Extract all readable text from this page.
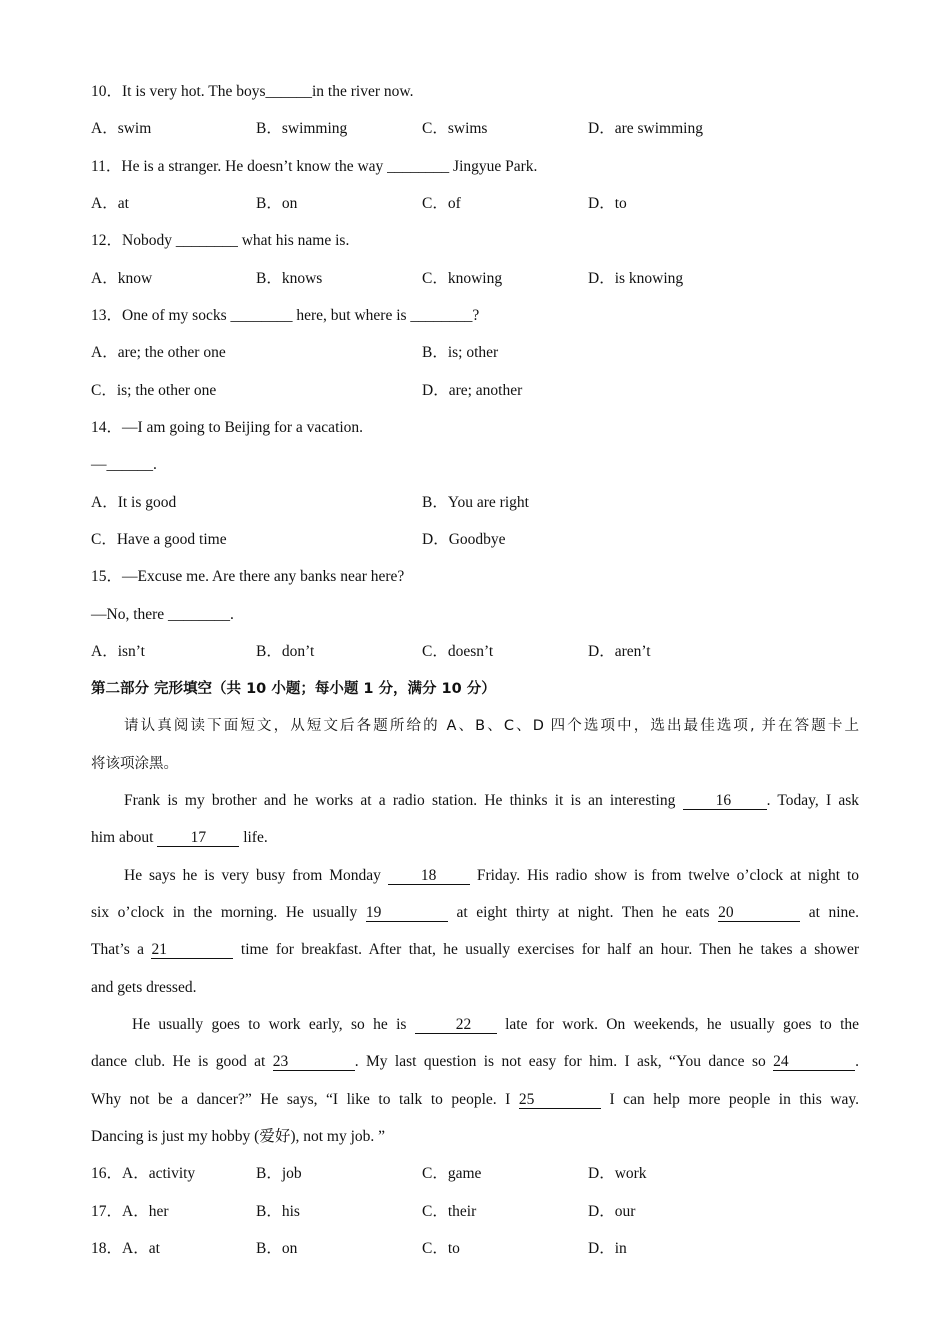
10．It is very hot. The boys______in the river now.
A．swim	B．swimming	C．swims	D．are swimming
11．He is a stranger. He doesn’t know the way ________ Jingyue Park.
A．at	B．on	C．of	D．to
12．Nobody ________ what his name is.
A．know	B．knows	C．knowing	D．is knowing
13．One of my socks ________ here, but where is ________?
A．are; the other one	B．is; other
C．is; the other one	D．are; another
14．—I am going to Beijing for a vacation.
—______.
A．It is good	B．You are right
C．Have a good time	D．Goodbye
15．—Excuse me. Are there any banks near here?
—No, there ________.
A．isn’t	B．don’t	C．doesn’t	D．aren’t
第二部分 完形填空（共 10 小题；每小题 1 分，满分 10 分）
请认真阅读下面短文，从短文后各题所给的 A、B、C、D 四个选项中，选出最佳选项, 并在答题卡上
将该项涂黑。
Frank is my brother and he works at a radio station. He thinks it is an interesting	16 . Today, I ask
him about 17 life.
He says he is very busy from Monday	18	Friday. His radio show is from twelve o’clock at night to
six o’clock in the morning. He usually 19	at eight thirty at night. Then he eats 20	at nine.
That’s a 21	time for breakfast. After that, he usually exercises for half an hour. Then he takes a shower
and gets dressed.
He usually goes to work early, so he is	22 late for work. On weekends, he usually goes to the
dance club. He is good at 23	. My last question is not easy for him. I ask, “You dance so 24	.
Why not be a dancer?” He says, “I like to talk to people. I 25	I can help more people in this way.
Dancing is just my hobby (爱好), not my job. ”
16．A．activity	B．job	C．game	D．work
17．A．her	B．his	C．their	D．our
18．A．at	B．on	C．to	D．in
